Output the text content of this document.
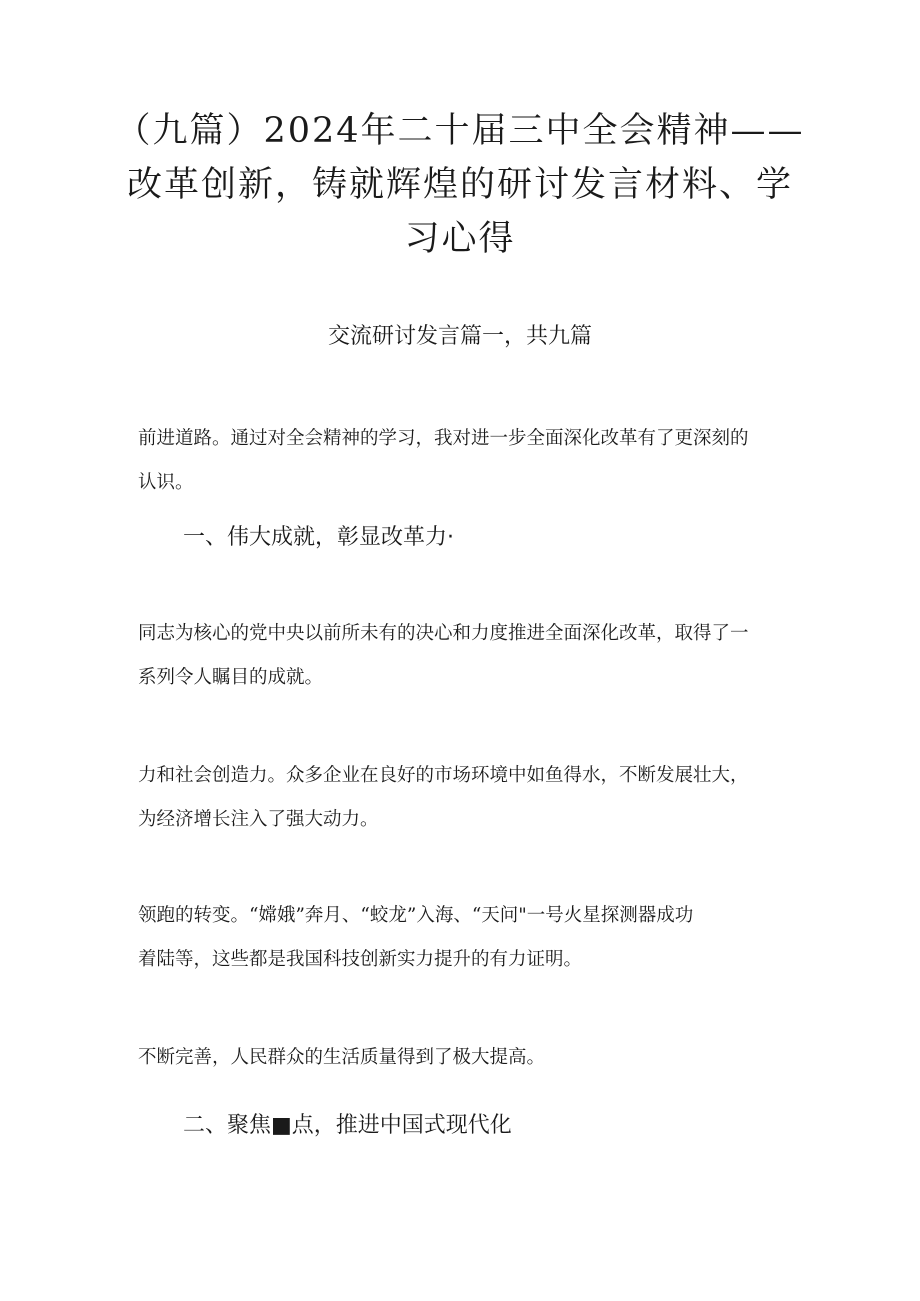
（九篇）2024年二十届三中全会精神——
改革创新，铸就辉煌的研讨发言材料、学
习心得
交流研讨发言篇一，共九篇
前进道路。通过对全会精神的学习，我对进一步全面深化改革有了更深刻的
认识。
一、伟大成就，彰显改革力·
同志为核心的党中央以前所未有的决心和力度推进全面深化改革，取得了一
系列令人瞩目的成就。
力和社会创造力。众多企业在良好的市场环境中如鱼得水，不断发展壮大，
为经济增长注入了强大动力。
领跑的转变。“嫦娥”奔月、“蛟龙”入海、“天问"一号火星探测器成功
着陆等，这些都是我国科技创新实力提升的有力证明。
不断完善，人民群众的生活质量得到了极大提高。
二、聚焦■点，推进中国式现代化
